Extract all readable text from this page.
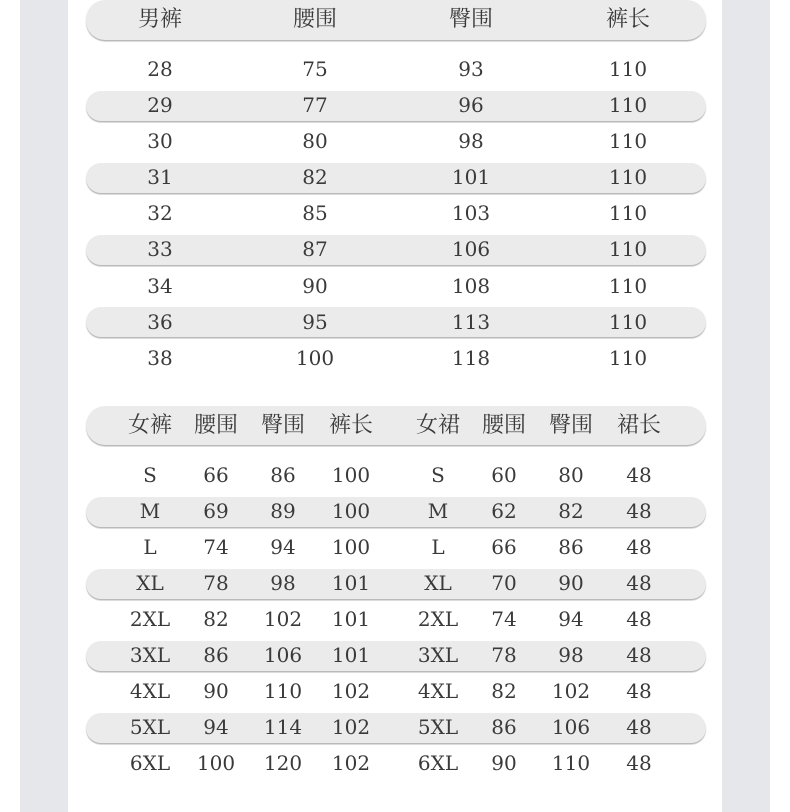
男裤	腰围	臀围	裤长
28	75	93	110
29	77	96	110
30	80	98	110
31	82	101	110
32	85	103	110
33	87	106	110
34	90	108	110
36	95	113	110
38	100	118	110
女裤 腰围	臀围	裤长	女裙 腰围	臀围	裙长
S	66	86	100	S	60	80	48
M	69	89	100	M	62	82	48
L	74	94	100	L	66	86	48
XL	78	98	101	XL	70	90	48
2XL	82	102	101	2XL	74	94	48
3XL	86	106	101	3XL	78	98	48
4XL	90	110	102	4XL	82	102	48
5XL	94	114	102	5XL	86	106	48
6XL	100	120	102	6XL	90	110	48
